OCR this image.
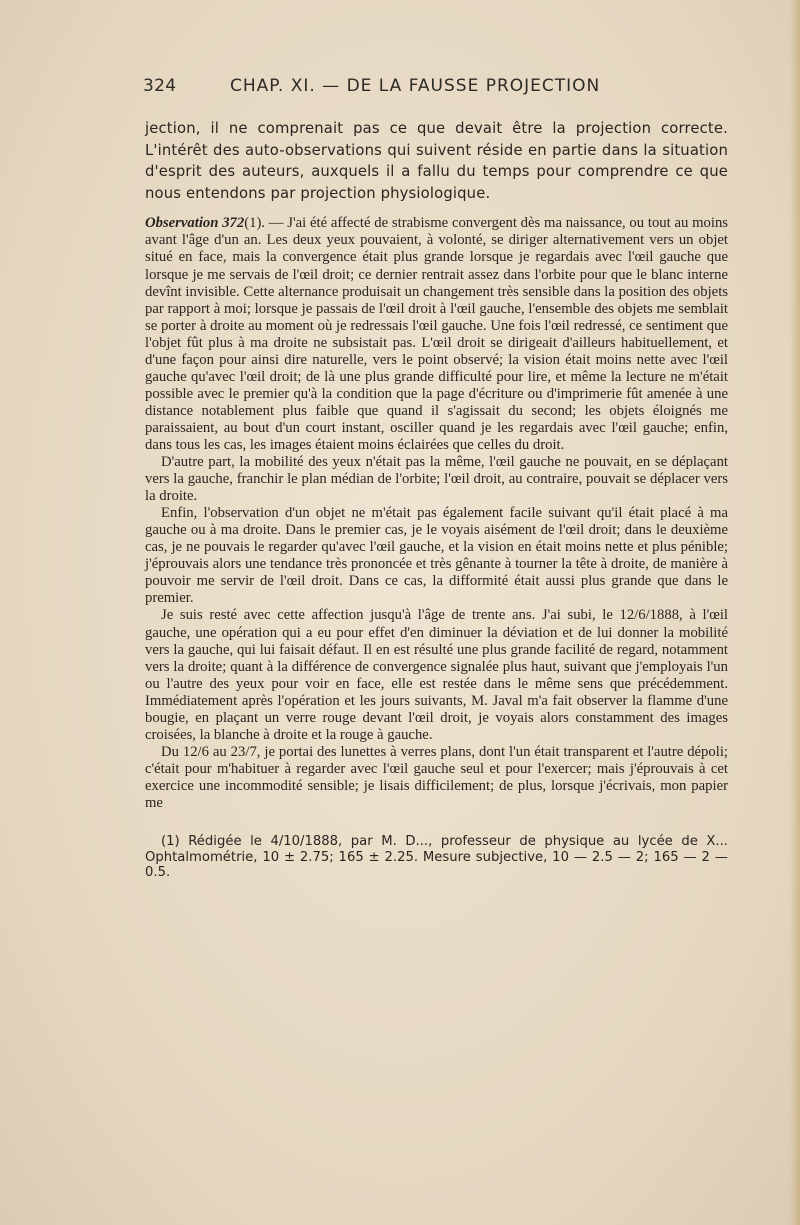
324	CHAP. XI. — DE LA FAUSSE PROJECTION

jection, il ne comprenait pas ce que devait être la projection correcte. L'intérêt des auto-observations qui suivent réside en partie dans la situation d'esprit des auteurs, auxquels il a fallu du temps pour comprendre ce que nous entendons par projection physiologique.

Observation 372(1). — J'ai été affecté de strabisme convergent dès ma naissance, ou tout au moins avant l'âge d'un an. Les deux yeux pouvaient, à volonté, se diriger alternativement vers un objet situé en face, mais la convergence était plus grande lorsque je regardais avec l'œil gauche que lorsque je me servais de l'œil droit; ce dernier rentrait assez dans l'orbite pour que le blanc interne devînt invisible. Cette alternance produisait un changement très sensible dans la position des objets par rapport à moi; lorsque je passais de l'œil droit à l'œil gauche, l'ensemble des objets me semblait se porter à droite au moment où je redressais l'œil gauche. Une fois l'œil redressé, ce sentiment que l'objet fût plus à ma droite ne subsistait pas. L'œil droit se dirigeait d'ailleurs habituellement, et d'une façon pour ainsi dire naturelle, vers le point observé; la vision était moins nette avec l'œil gauche qu'avec l'œil droit; de là une plus grande difficulté pour lire, et même la lecture ne m'était possible avec le premier qu'à la condition que la page d'écriture ou d'imprimerie fût amenée à une distance notablement plus faible que quand il s'agissait du second; les objets éloignés me paraissaient, au bout d'un court instant, osciller quand je les regardais avec l'œil gauche; enfin, dans tous les cas, les images étaient moins éclairées que celles du droit.

D'autre part, la mobilité des yeux n'était pas la même, l'œil gauche ne pouvait, en se déplaçant vers la gauche, franchir le plan médian de l'orbite; l'œil droit, au contraire, pouvait se déplacer vers la droite.

Enfin, l'observation d'un objet ne m'était pas également facile suivant qu'il était placé à ma gauche ou à ma droite. Dans le premier cas, je le voyais aisément de l'œil droit; dans le deuxième cas, je ne pouvais le regarder qu'avec l'œil gauche, et la vision en était moins nette et plus pénible; j'éprouvais alors une tendance très prononcée et très gênante à tourner la tête à droite, de manière à pouvoir me servir de l'œil droit. Dans ce cas, la difformité était aussi plus grande que dans le premier.

Je suis resté avec cette affection jusqu'à l'âge de trente ans. J'ai subi, le 12/6/1888, à l'œil gauche, une opération qui a eu pour effet d'en diminuer la déviation et de lui donner la mobilité vers la gauche, qui lui faisait défaut. Il en est résulté une plus grande facilité de regard, notamment vers la droite; quant à la différence de convergence signalée plus haut, suivant que j'employais l'un ou l'autre des yeux pour voir en face, elle est restée dans le même sens que précédemment. Immédiatement après l'opération et les jours suivants, M. Javal m'a fait observer la flamme d'une bougie, en plaçant un verre rouge devant l'œil droit, je voyais alors constamment des images croisées, la blanche à droite et la rouge à gauche.

Du 12/6 au 23/7, je portai des lunettes à verres plans, dont l'un était transparent et l'autre dépoli; c'était pour m'habituer à regarder avec l'œil gauche seul et pour l'exercer; mais j'éprouvais à cet exercice une incommodité sensible; je lisais difficilement; de plus, lorsque j'écrivais, mon papier me

(1) Rédigée le 4/10/1888, par M. D..., professeur de physique au lycée de X... Ophtalmométrie, 10 ± 2.75; 165 ± 2.25. Mesure subjective, 10 — 2.5 — 2; 165 — 2 — 0.5.
